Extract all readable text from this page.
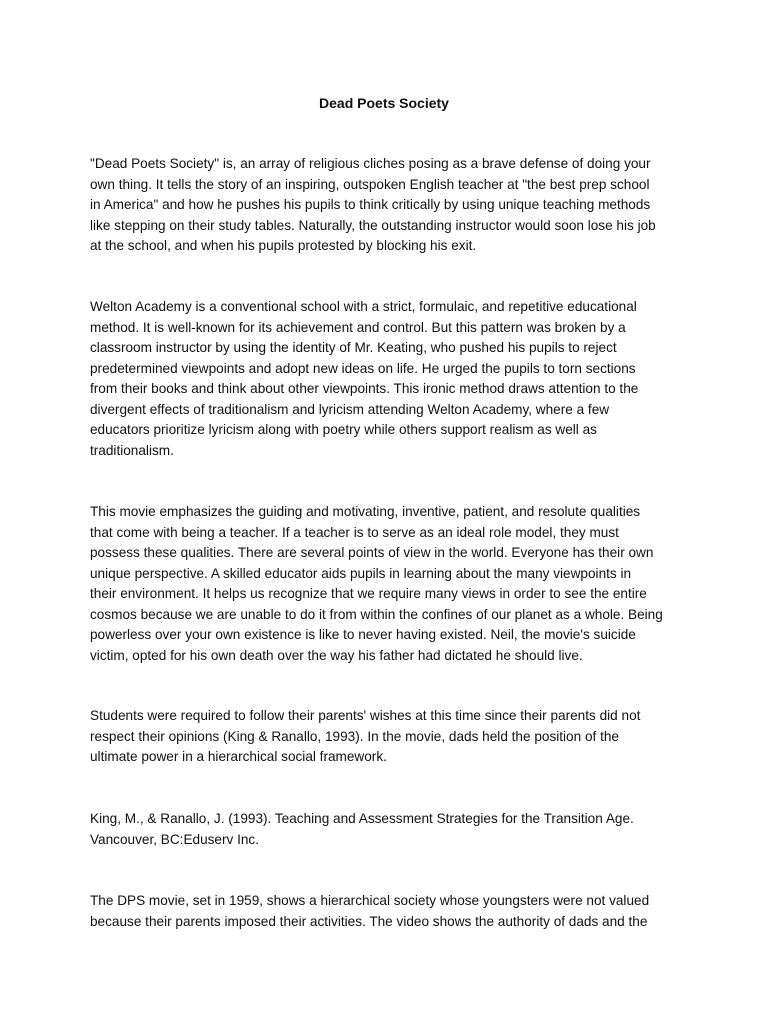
Dead Poets Society

"Dead Poets Society" is, an array of religious cliches posing as a brave defense of doing your
own thing. It tells the story of an inspiring, outspoken English teacher at "the best prep school
in America" and how he pushes his pupils to think critically by using unique teaching methods
like stepping on their study tables. Naturally, the outstanding instructor would soon lose his job
at the school, and when his pupils protested by blocking his exit.

Welton Academy is a conventional school with a strict, formulaic, and repetitive educational
method. It is well-known for its achievement and control. But this pattern was broken by a
classroom instructor by using the identity of Mr. Keating, who pushed his pupils to reject
predetermined viewpoints and adopt new ideas on life. He urged the pupils to torn sections
from their books and think about other viewpoints. This ironic method draws attention to the
divergent effects of traditionalism and lyricism attending Welton Academy, where a few
educators prioritize lyricism along with poetry while others support realism as well as
traditionalism.

This movie emphasizes the guiding and motivating, inventive, patient, and resolute qualities
that come with being a teacher. If a teacher is to serve as an ideal role model, they must
possess these qualities. There are several points of view in the world. Everyone has their own
unique perspective. A skilled educator aids pupils in learning about the many viewpoints in
their environment. It helps us recognize that we require many views in order to see the entire
cosmos because we are unable to do it from within the confines of our planet as a whole. Being
powerless over your own existence is like to never having existed. Neil, the movie's suicide
victim, opted for his own death over the way his father had dictated he should live.

Students were required to follow their parents' wishes at this time since their parents did not
respect their opinions (King & Ranallo, 1993). In the movie, dads held the position of the
ultimate power in a hierarchical social framework.

King, M., & Ranallo, J. (1993). Teaching and Assessment Strategies for the Transition Age.
Vancouver, BC:Eduserv Inc.

The DPS movie, set in 1959, shows a hierarchical society whose youngsters were not valued
because their parents imposed their activities. The video shows the authority of dads and the
